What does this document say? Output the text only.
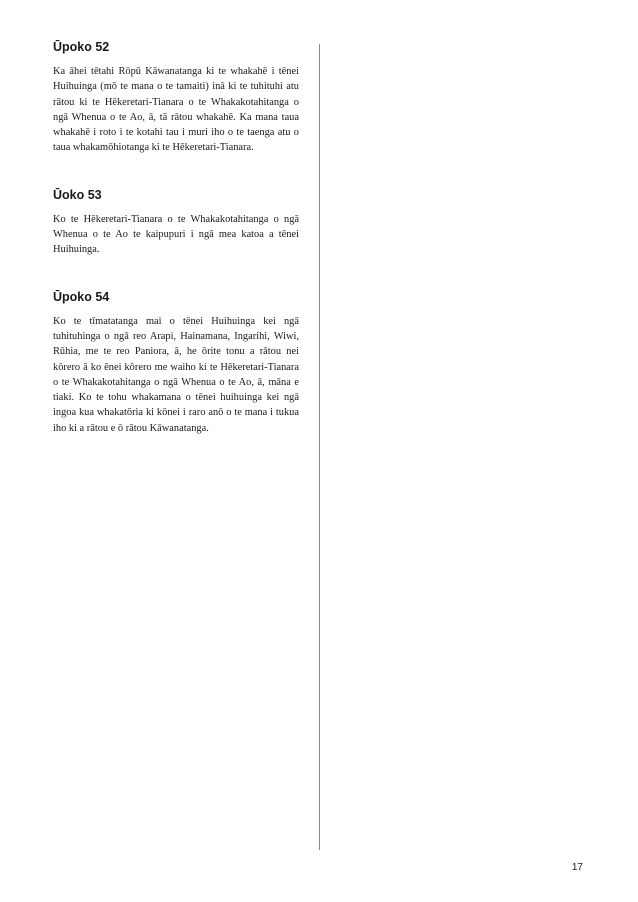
Ūpoko 52

Ka āhei tētahi Rōpū Kāwanatanga ki te whakahē i tēnei Huihuinga (mō te mana o te tamaiti) inā ki te tuhituhi atu rātou ki te Hēkeretari-Tianara o te Whakakotahitanga o ngā Whenua o te Ao, ā, tā rātou whakahē. Ka mana taua whakahē i roto i te kotahi tau i muri iho o te taenga atu o taua whakamōhiotanga ki te Hēkeretari-Tianara.

Ūoko 53

Ko te Hēkeretari-Tianara o te Whakakotahitanga o ngā Whenua o te Ao te kaipupuri i ngā mea katoa a tēnei Huihuinga.

Ūpoko 54

Ko te tīmatatanga mai o tēnei Huihuinga kei ngā tuhituhinga o ngā reo Arapi, Hainamana, Ingarihi, Wiwi, Rūhia, me te reo Paniora, ā, he ōrite tonu a rātou nei kōrero ā ko ēnei kōrero me waiho ki te Hēkeretari-Tianara o te Whakakotahitanga o ngā Whenua o te Ao, ā, māna e tiaki. Ko te tohu whakamana o tēnei huihuinga kei ngā ingoa kua whakatōria ki kōnei i raro anō o te mana i tukua iho ki a rātou e ō rātou Kāwanatanga.

17
